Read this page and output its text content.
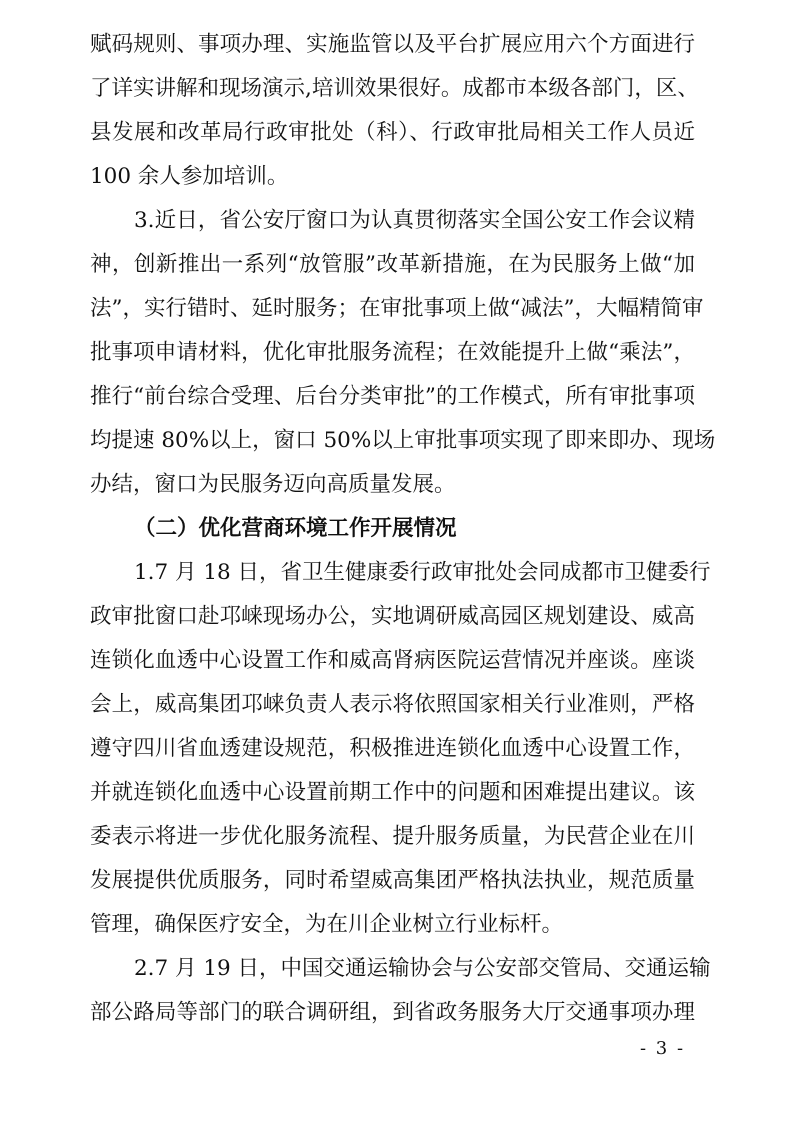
赋码规则、事项办理、实施监管以及平台扩展应用六个方面进行
了详实讲解和现场演示,培训效果很好。成都市本级各部门，区、
县发展和改革局行政审批处（科）、行政审批局相关工作人员近
100 余人参加培训。
3.近日，省公安厅窗口为认真贯彻落实全国公安工作会议精
神，创新推出一系列“放管服”改革新措施，在为民服务上做“加
法”，实行错时、延时服务；在审批事项上做“减法”，大幅精简审
批事项申请材料，优化审批服务流程；在效能提升上做“乘法”，
推行“前台综合受理、后台分类审批”的工作模式，所有审批事项
均提速 80%以上，窗口 50%以上审批事项实现了即来即办、现场
办结，窗口为民服务迈向高质量发展。
（二）优化营商环境工作开展情况
1.7 月 18 日，省卫生健康委行政审批处会同成都市卫健委行
政审批窗口赴邛崃现场办公，实地调研威高园区规划建设、威高
连锁化血透中心设置工作和威高肾病医院运营情况并座谈。座谈
会上，威高集团邛崃负责人表示将依照国家相关行业准则，严格
遵守四川省血透建设规范，积极推进连锁化血透中心设置工作，
并就连锁化血透中心设置前期工作中的问题和困难提出建议。该
委表示将进一步优化服务流程、提升服务质量，为民营企业在川
发展提供优质服务，同时希望威高集团严格执法执业，规范质量
管理，确保医疗安全，为在川企业树立行业标杆。
2.7 月 19 日，中国交通运输协会与公安部交管局、交通运输
部公路局等部门的联合调研组，到省政务服务大厅交通事项办理
- 3 -
